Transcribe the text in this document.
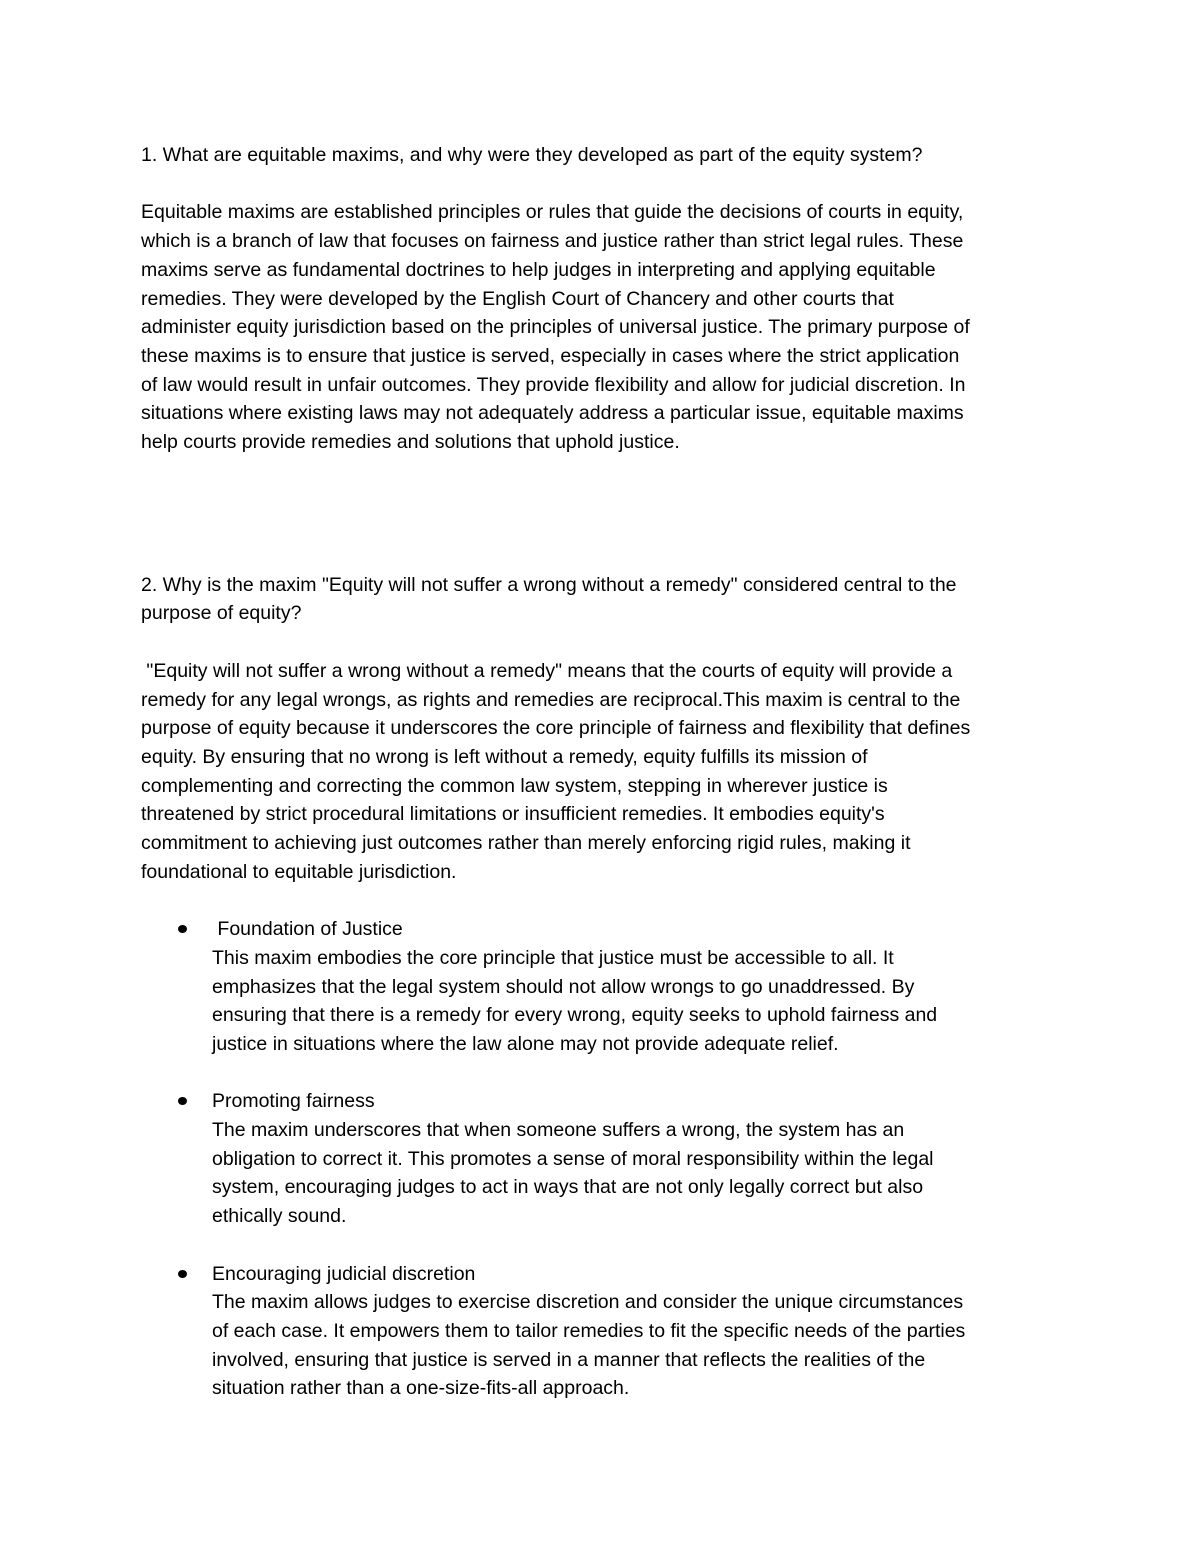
1. What are equitable maxims, and why were they developed as part of the equity system?
Equitable maxims are established principles or rules that guide the decisions of courts in equity,
which is a branch of law that focuses on fairness and justice rather than strict legal rules. These
maxims serve as fundamental doctrines to help judges in interpreting and applying equitable
remedies. They were developed by the English Court of Chancery and other courts that
administer equity jurisdiction based on the principles of universal justice. The primary purpose of
these maxims is to ensure that justice is served, especially in cases where the strict application
of law would result in unfair outcomes. They provide flexibility and allow for judicial discretion. In
situations where existing laws may not adequately address a particular issue, equitable maxims
help courts provide remedies and solutions that uphold justice.
2. Why is the maxim "Equity will not suffer a wrong without a remedy" considered central to the
purpose of equity?
"Equity will not suffer a wrong without a remedy" means that the courts of equity will provide a
remedy for any legal wrongs, as rights and remedies are reciprocal.This maxim is central to the
purpose of equity because it underscores the core principle of fairness and flexibility that defines
equity. By ensuring that no wrong is left without a remedy, equity fulfills its mission of
complementing and correcting the common law system, stepping in wherever justice is
threatened by strict procedural limitations or insufficient remedies. It embodies equity's
commitment to achieving just outcomes rather than merely enforcing rigid rules, making it
foundational to equitable jurisdiction.
Foundation of Justice
This maxim embodies the core principle that justice must be accessible to all. It
emphasizes that the legal system should not allow wrongs to go unaddressed. By
ensuring that there is a remedy for every wrong, equity seeks to uphold fairness and
justice in situations where the law alone may not provide adequate relief.
Promoting fairness
The maxim underscores that when someone suffers a wrong, the system has an
obligation to correct it. This promotes a sense of moral responsibility within the legal
system, encouraging judges to act in ways that are not only legally correct but also
ethically sound.
Encouraging judicial discretion
The maxim allows judges to exercise discretion and consider the unique circumstances
of each case. It empowers them to tailor remedies to fit the specific needs of the parties
involved, ensuring that justice is served in a manner that reflects the realities of the
situation rather than a one-size-fits-all approach.
